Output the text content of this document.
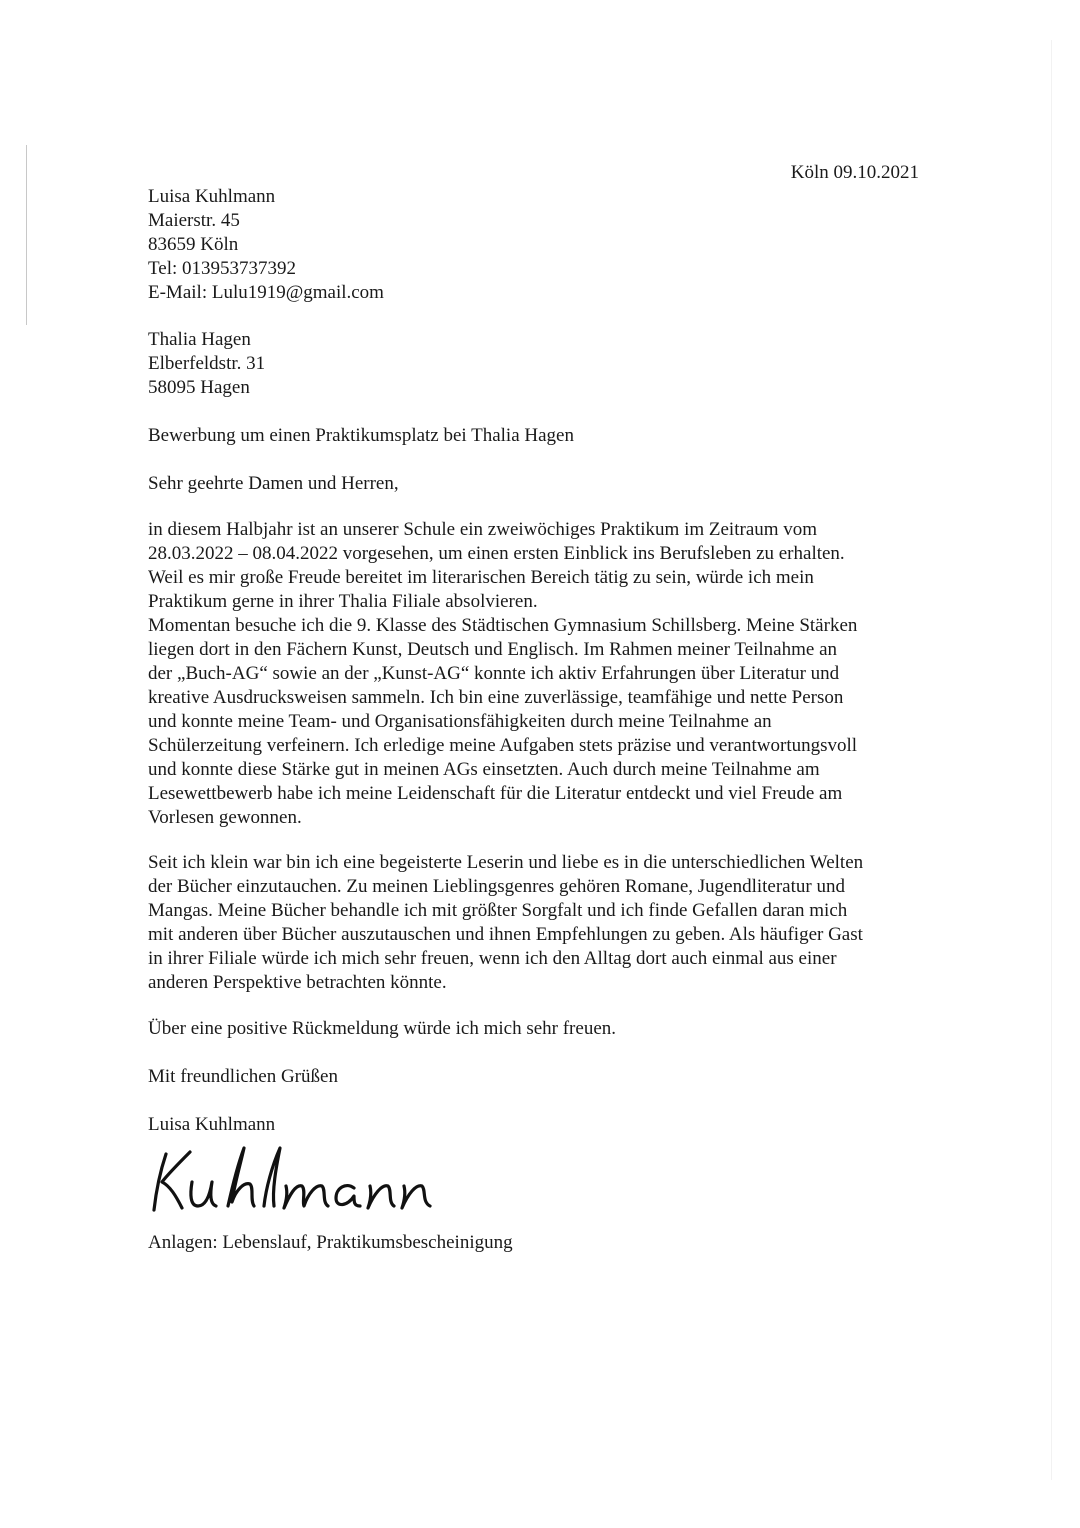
Köln 09.10.2021
Luisa Kuhlmann
Maierstr. 45
83659 Köln
Tel: 013953737392
E-Mail: Lulu1919@gmail.com
Thalia Hagen
Elberfeldstr. 31
58095 Hagen
Bewerbung um einen Praktikumsplatz bei Thalia Hagen
Sehr geehrte Damen und Herren,
in diesem Halbjahr ist an unserer Schule ein zweiwöchiges Praktikum im Zeitraum vom
28.03.2022 – 08.04.2022 vorgesehen, um einen ersten Einblick ins Berufsleben zu erhalten.
Weil es mir große Freude bereitet im literarischen Bereich tätig zu sein, würde ich mein
Praktikum gerne in ihrer Thalia Filiale absolvieren.
Momentan besuche ich die 9. Klasse des Städtischen Gymnasium Schillsberg. Meine Stärken
liegen dort in den Fächern Kunst, Deutsch und Englisch. Im Rahmen meiner Teilnahme an
der „Buch-AG“ sowie an der „Kunst-AG“ konnte ich aktiv Erfahrungen über Literatur und
kreative Ausdrucksweisen sammeln. Ich bin eine zuverlässige, teamfähige und nette Person
und konnte meine Team- und Organisationsfähigkeiten durch meine Teilnahme an
Schülerzeitung verfeinern. Ich erledige meine Aufgaben stets präzise und verantwortungsvoll
und konnte diese Stärke gut in meinen AGs einsetzten. Auch durch meine Teilnahme am
Lesewettbewerb habe ich meine Leidenschaft für die Literatur entdeckt und viel Freude am
Vorlesen gewonnen.
Seit ich klein war bin ich eine begeisterte Leserin und liebe es in die unterschiedlichen Welten
der Bücher einzutauchen. Zu meinen Lieblingsgenres gehören Romane, Jugendliteratur und
Mangas. Meine Bücher behandle ich mit größter Sorgfalt und ich finde Gefallen daran mich
mit anderen über Bücher auszutauschen und ihnen Empfehlungen zu geben. Als häufiger Gast
in ihrer Filiale würde ich mich sehr freuen, wenn ich den Alltag dort auch einmal aus einer
anderen Perspektive betrachten könnte.
Über eine positive Rückmeldung würde ich mich sehr freuen.
Mit freundlichen Grüßen
Luisa Kuhlmann
Anlagen: Lebenslauf, Praktikumsbescheinigung
